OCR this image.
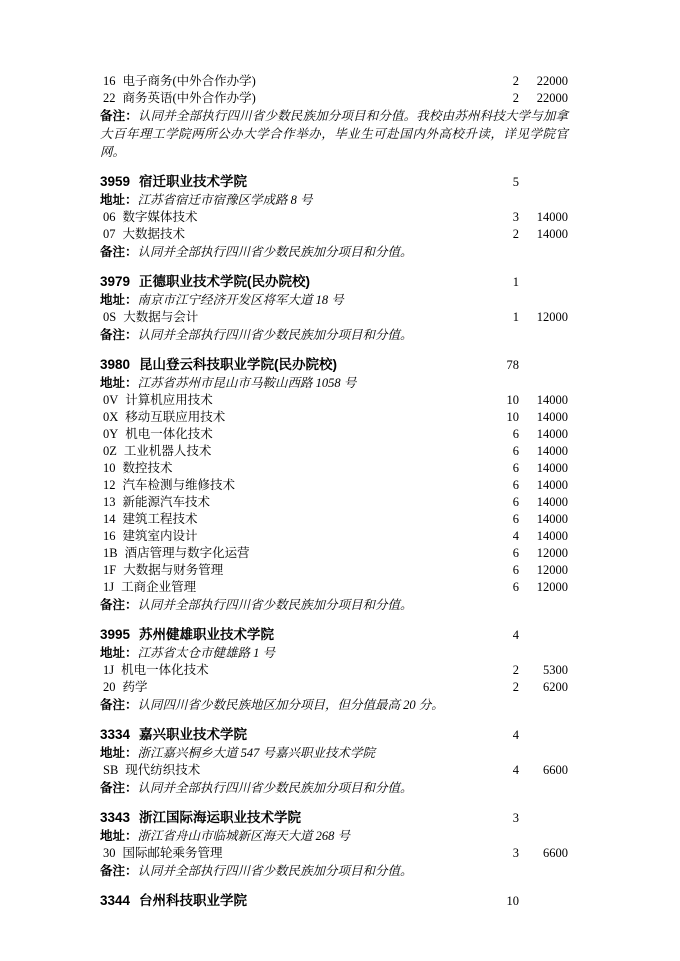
16 电子商务(中外合作办学)	2	22000
22 商务英语(中外合作办学)	2	22000
备注：认同并全部执行四川省少数民族加分项目和分值。我校由苏州科技大学与加拿大百年理工学院两所公办大学合作举办，毕业生可赴国内外高校升读，详见学院官网。
3959 宿迁职业技术学院	5
地址：江苏省宿迁市宿豫区学成路 8 号
06 数字媒体技术	3	14000
07 大数据技术	2	14000
备注：认同并全部执行四川省少数民族加分项目和分值。
3979 正德职业技术学院(民办院校)	1
地址：南京市江宁经济开发区将军大道 18 号
0S 大数据与会计	1	12000
备注：认同并全部执行四川省少数民族加分项目和分值。
3980 昆山登云科技职业学院(民办院校)	78
地址：江苏省苏州市昆山市马鞍山西路 1058 号
0V 计算机应用技术	10	14000
0X 移动互联应用技术	10	14000
0Y 机电一体化技术	6	14000
0Z 工业机器人技术	6	14000
10 数控技术	6	14000
12 汽车检测与维修技术	6	14000
13 新能源汽车技术	6	14000
14 建筑工程技术	6	14000
16 建筑室内设计	4	14000
1B 酒店管理与数字化运营	6	12000
1F 大数据与财务管理	6	12000
1J 工商企业管理	6	12000
备注：认同并全部执行四川省少数民族加分项目和分值。
3995 苏州健雄职业技术学院	4
地址：江苏省太仓市健雄路 1 号
1J 机电一体化技术	2	5300
20 药学	2	6200
备注：认同四川省少数民族地区加分项目，但分值最高 20 分。
3334 嘉兴职业技术学院	4
地址：浙江嘉兴桐乡大道 547 号嘉兴职业技术学院
SB 现代纺织技术	4	6600
备注：认同并全部执行四川省少数民族加分项目和分值。
3343 浙江国际海运职业技术学院	3
地址：浙江省舟山市临城新区海天大道 268 号
30 国际邮轮乘务管理	3	6600
备注：认同并全部执行四川省少数民族加分项目和分值。
3344 台州科技职业学院	10
